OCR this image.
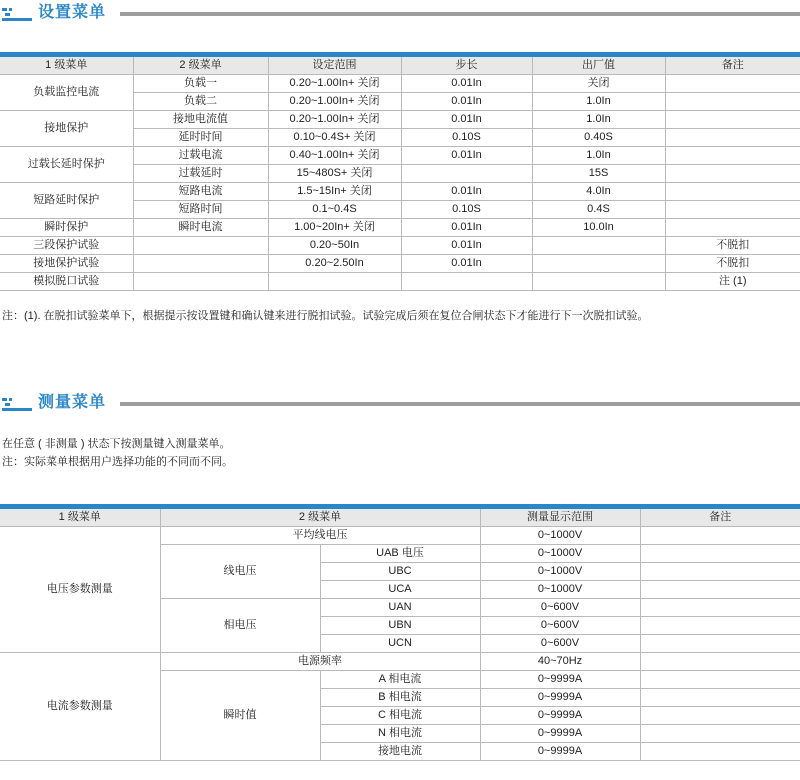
设置菜单
1 级菜单	2 级菜单	设定范围	步长	出厂值	备注
负载监控电流	负载一	0.20~1.00In+ 关闭	0.01In	关闭	
	负载二	0.20~1.00In+ 关闭	0.01In	1.0In	
接地保护	接地电流值	0.20~1.00In+ 关闭	0.01In	1.0In	
	延时时间	0.10~0.4S+ 关闭	0.10S	0.40S	
过载长延时保护	过载电流	0.40~1.00In+ 关闭	0.01In	1.0In	
	过载延时	15~480S+ 关闭		15S	
短路延时保护	短路电流	1.5~15In+ 关闭	0.01In	4.0In	
	短路时间	0.1~0.4S	0.10S	0.4S	
瞬时保护	瞬时电流	1.00~20In+ 关闭	0.01In	10.0In	
三段保护试验		0.20~50In	0.01In		不脱扣
接地保护试验		0.20~2.50In	0.01In		不脱扣
模拟脱口试验					注 (1)
注：(1). 在脱扣试验菜单下，根据提示按设置键和确认键来进行脱扣试验。试验完成后须在复位合闸状态下才能进行下一次脱扣试验。
测量菜单
在任意 ( 非测量 ) 状态下按测量键入测量菜单。
注：实际菜单根据用户选择功能的不同而不同。
1 级菜单	2 级菜单		测量显示范围	备注
电压参数测量	平均线电压		0~1000V	
	线电压	UAB 电压	0~1000V	
		UBC	0~1000V	
		UCA	0~1000V	
	相电压	UAN	0~600V	
		UBN	0~600V	
		UCN	0~600V	
电流参数测量	电源频率		40~70Hz	
	瞬时值	A 相电流	0~9999A	
		B 相电流	0~9999A	
		C 相电流	0~9999A	
		N 相电流	0~9999A	
		接地电流	0~9999A	
